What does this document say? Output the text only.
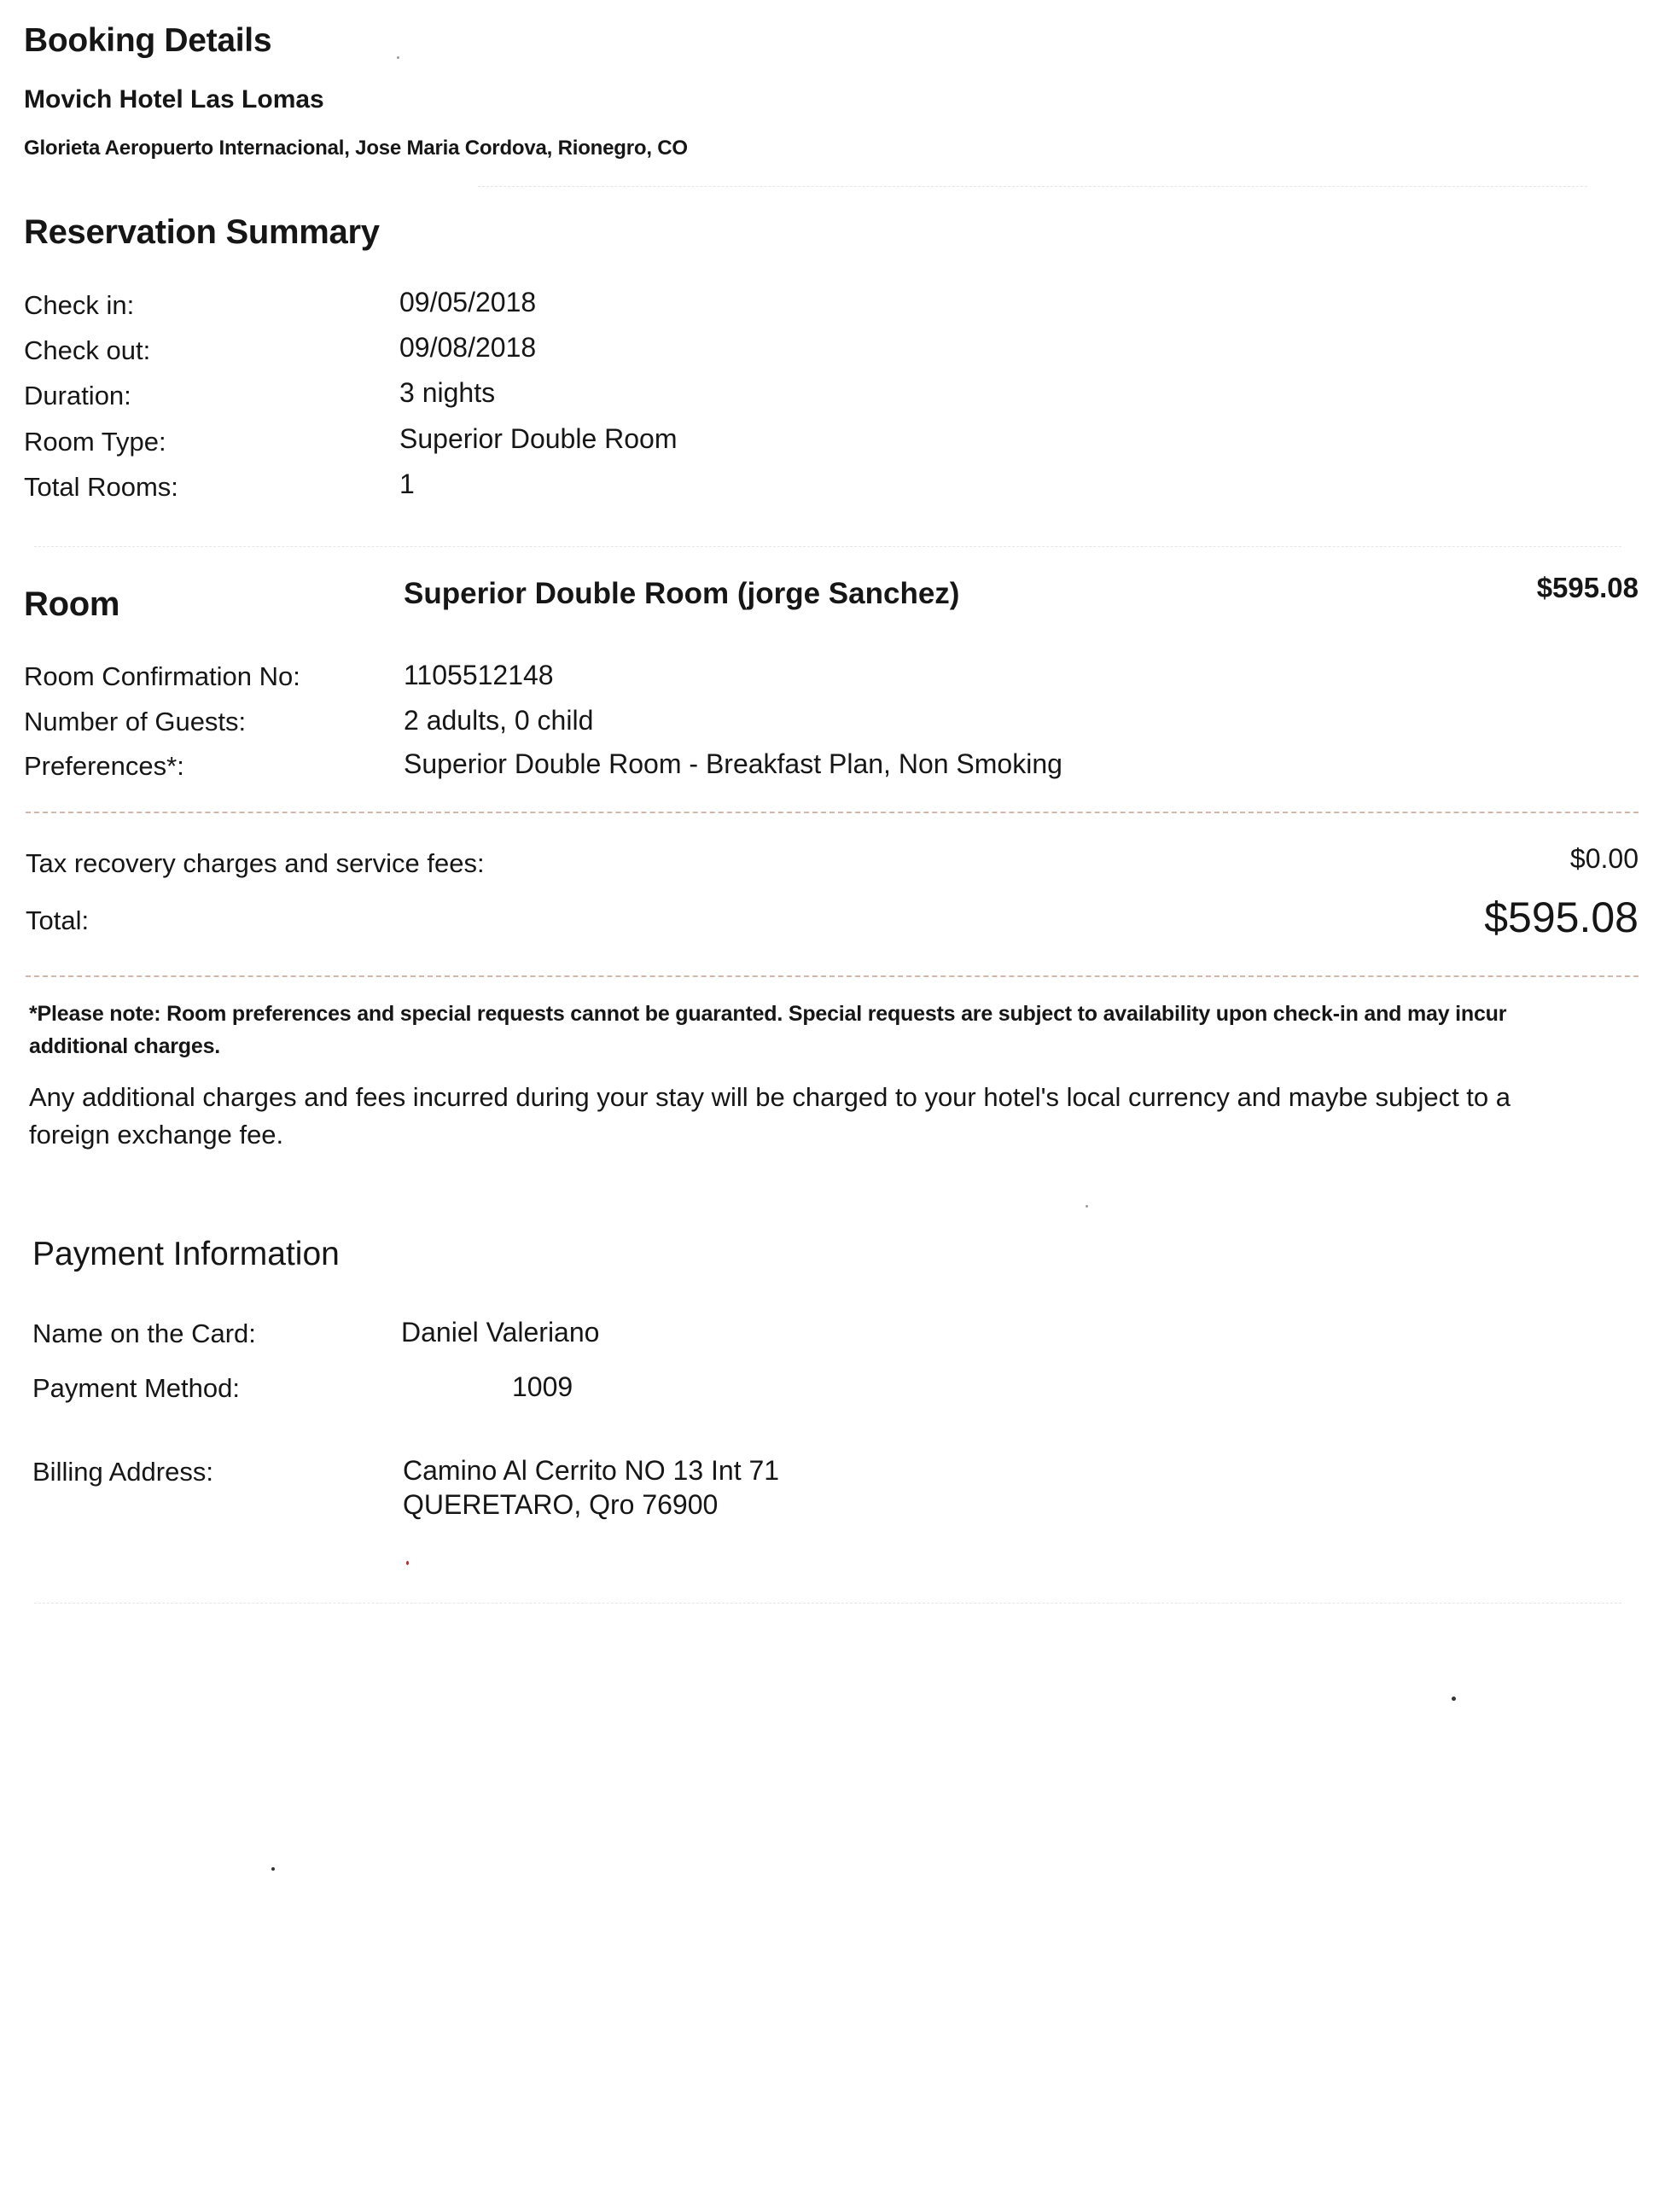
Booking Details
Movich Hotel Las Lomas
Glorieta Aeropuerto Internacional, Jose Maria Cordova, Rionegro, CO
Reservation Summary
Check in:	09/05/2018
Check out:	09/08/2018
Duration:	3 nights
Room Type:	Superior Double Room
Total Rooms:	1
Room	Superior Double Room (jorge Sanchez)	$595.08
Room Confirmation No:	1105512148
Number of Guests:	2 adults, 0 child
Preferences*:	Superior Double Room - Breakfast Plan, Non Smoking
Tax recovery charges and service fees:	$0.00
Total:	$595.08
*Please note: Room preferences and special requests cannot be guaranted. Special requests are subject to availability upon check-in and may incur
additional charges.
Any additional charges and fees incurred during your stay will be charged to your hotel's local currency and maybe subject to a
foreign exchange fee.
Payment Information
Name on the Card:	Daniel Valeriano
Payment Method:	1009
Billing Address:	Camino Al Cerrito NO 13 Int 71
QUERETARO, Qro 76900
